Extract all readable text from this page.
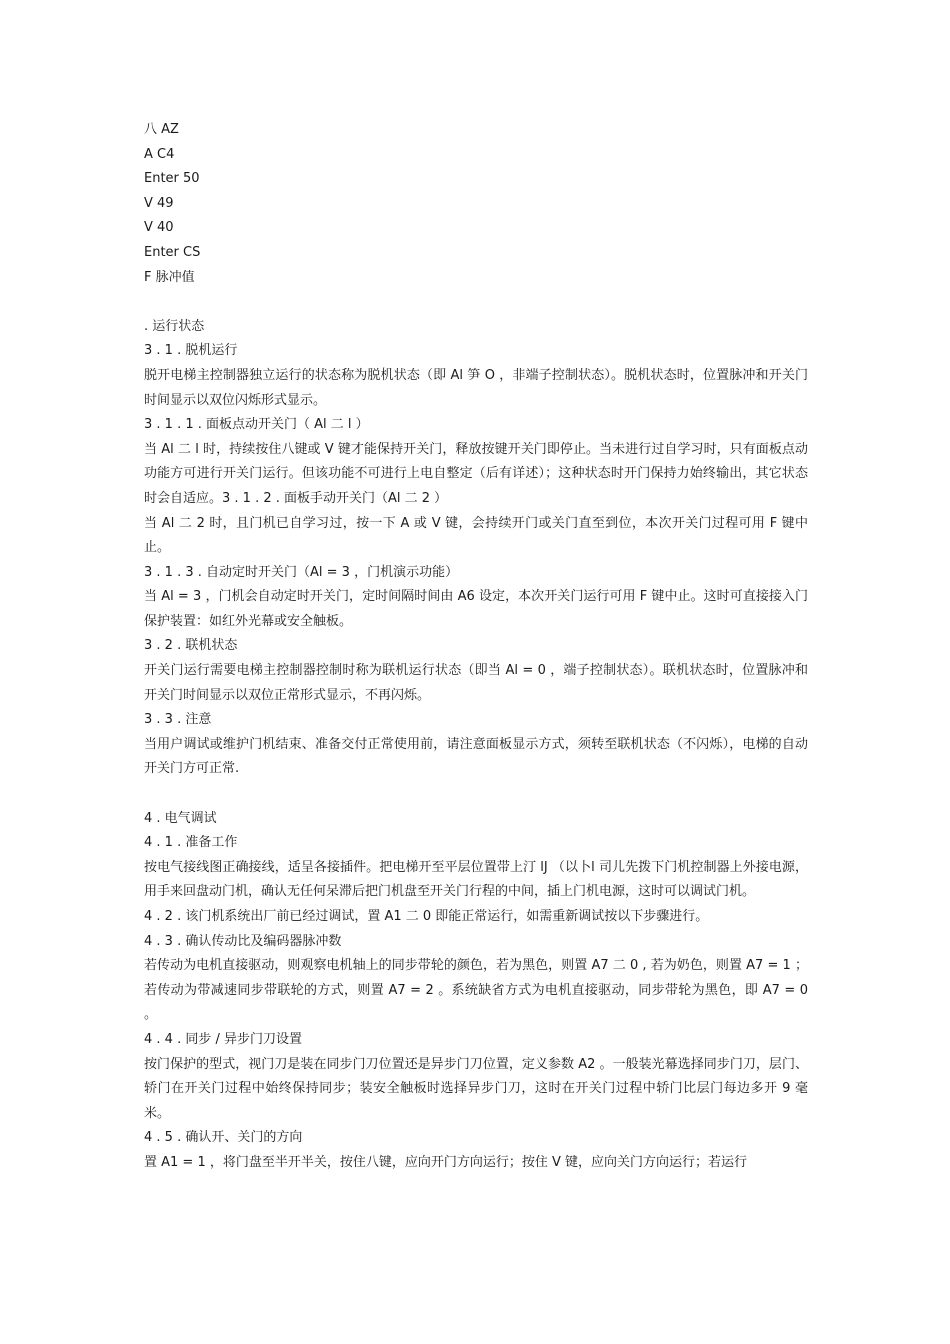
八 AZ

A C4

Enter 50

V 49

V 40

Enter CS

F 脉冲值

. 运行状态

3 . 1 . 脱机运行

脱开电梯主控制器独立运行的状态称为脱机状态（即 Al 笋 O ，非端子控制状态）。脱机状态时，位置脉冲和开关门时间显示以双位闪烁形式显示。

3 . 1 . 1 . 面板点动开关门（ Al 二 l ）

当 Al 二 l 时，持续按住八键或 V 键才能保持开关门，释放按键开关门即停止。当未进行过自学习时，只有面板点动功能方可进行开关门运行。但该功能不可进行上电自整定（后有详述）；这种状态时开门保持力始终输出，其它状态时会自适应。3 . 1 . 2 . 面板手动开关门（Al 二 2 ）

当 Al 二 2 时，且门机已自学习过，按一下 A 或 V 键，会持续开门或关门直至到位，本次开关门过程可用 F 键中止。

3 . 1 . 3 . 自动定时开关门（Al = 3 ，门机演示功能）

当 Al = 3 ，门机会自动定时开关门，定时间隔时间由 A6 设定，本次开关门运行可用 F 键中止。这时可直接接入门保护装置：如红外光幕或安全触板。

3 . 2 . 联机状态

开关门运行需要电梯主控制器控制时称为联机运行状态（即当 Al = 0 ，端子控制状态）。联机状态时，位置脉冲和开关门时间显示以双位正常形式显示，不再闪烁。

3 . 3 . 注意

当用户调试或维护门机结束、准备交付正常使用前，请注意面板显示方式，须转至联机状态（不闪烁），电梯的自动开关门方可正常.

4 . 电气调试

4 . 1 . 准备工作

按电气接线图正确接线，适呈各接插件。把电梯开至平层位置带上汀 lJ （以卜l 司儿先拨下门机控制器上外接电源，用手来回盘动门机，确认无任何呆滞后把门机盘至开关门行程的中间，插上门机电源，这时可以调试门机。

4 . 2 . 该门机系统出厂前已经过调试，置 A1 二 0 即能正常运行，如需重新调试按以下步骤进行。

4 . 3 . 确认传动比及编码器脉冲数

若传动为电机直接驱动，则观察电机轴上的同步带轮的颜色，若为黑色，则置 A7 二 0 , 若为奶色，则置 A7 = 1 ；若传动为带减速同步带联轮的方式，则置 A7 = 2 。系统缺省方式为电机直接驱动，同步带轮为黑色，即 A7 = 0 。

4 . 4 . 同步 / 异步门刀设置

按门保护的型式，视门刀是装在同步门刀位置还是异步门刀位置，定义参数 A2 。一般装光幕选择同步门刀，层门、轿门在开关门过程中始终保持同步；装安全触板时选择异步门刀，这时在开关门过程中轿门比层门每边多开 9 毫米。

4 . 5 . 确认开、关门的方向

置 A1 = 1 ，将门盘至半开半关，按住八键，应向开门方向运行；按住 V 键，应向关门方向运行；若运行
